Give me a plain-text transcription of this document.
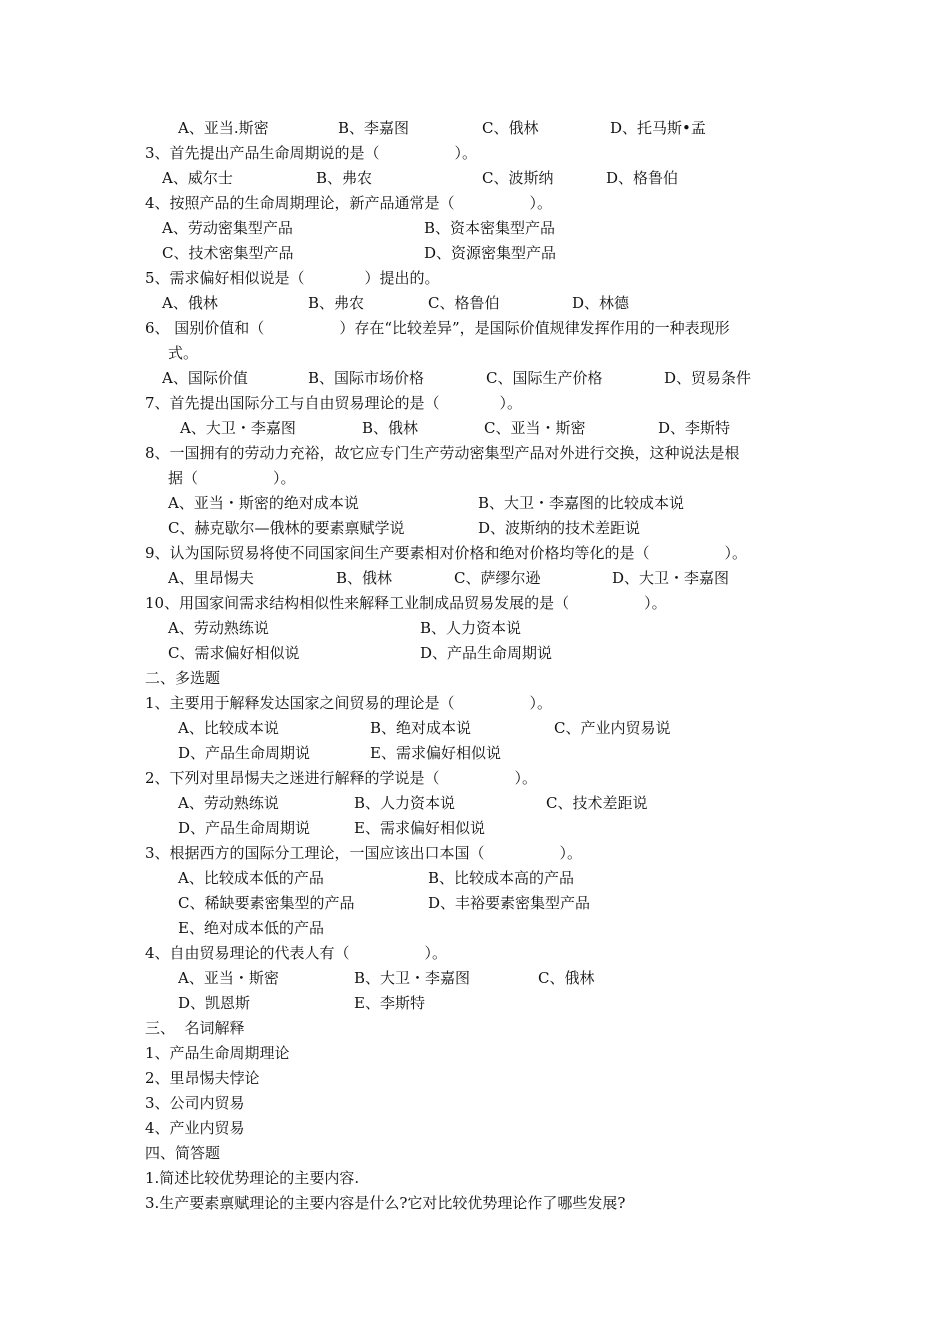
A、亚当.斯密	B、李嘉图	C、俄林	D、托马斯•孟
3、首先提出产品生命周期说的是（　　　　　）。
A、威尔士	B、弗农	C、波斯纳	D、格鲁伯
4、按照产品的生命周期理论，新产品通常是（　　　　　）。
A、劳动密集型产品	B、资本密集型产品
C、技术密集型产品	D、资源密集型产品
5、需求偏好相似说是（　　　　）提出的。
A、俄林	B、弗农	C、格鲁伯	D、林德
6、 国别价值和（　　　　　）存在“比较差异”，是国际价值规律发挥作用的一种表现形
式。
A、国际价值	B、国际市场价格	C、国际生产价格	D、贸易条件
7、首先提出国际分工与自由贸易理论的是（　　　　）。
A、大卫・李嘉图	B、俄林	C、亚当・斯密	D、李斯特
8、一国拥有的劳动力充裕，故它应专门生产劳动密集型产品对外进行交换，这种说法是根
据（　　　　　）。
A、亚当・斯密的绝对成本说	B、大卫・李嘉图的比较成本说
C、赫克歇尔—俄林的要素禀赋学说	D、波斯纳的技术差距说
9、认为国际贸易将使不同国家间生产要素相对价格和绝对价格均等化的是（　　　　　）。
A、里昂惕夫	B、俄林	C、萨缪尔逊	D、大卫・李嘉图
10、用国家间需求结构相似性来解释工业制成品贸易发展的是（　　　　　）。
A、劳动熟练说	B、人力资本说
C、需求偏好相似说	D、产品生命周期说
二、多选题
1、主要用于解释发达国家之间贸易的理论是（　　　　　）。
A、比较成本说	B、绝对成本说	C、产业内贸易说
D、产品生命周期说	E、需求偏好相似说
2、下列对里昂惕夫之迷进行解释的学说是（　　　　　）。
A、劳动熟练说	B、人力资本说	C、技术差距说
D、产品生命周期说	E、需求偏好相似说
3、根据西方的国际分工理论，一国应该出口本国（　　　　　）。
A、比较成本低的产品	B、比较成本高的产品
C、稀缺要素密集型的产品	D、丰裕要素密集型产品
E、绝对成本低的产品
4、自由贸易理论的代表人有（　　　　　）。
A、亚当・斯密	B、大卫・李嘉图	C、俄林
D、凯恩斯	E、李斯特
三、  名词解释
1、产品生命周期理论
2、里昂惕夫悖论
3、公司内贸易
4、产业内贸易
四、简答题
1.简述比较优势理论的主要内容.
3.生产要素禀赋理论的主要内容是什么?它对比较优势理论作了哪些发展?
